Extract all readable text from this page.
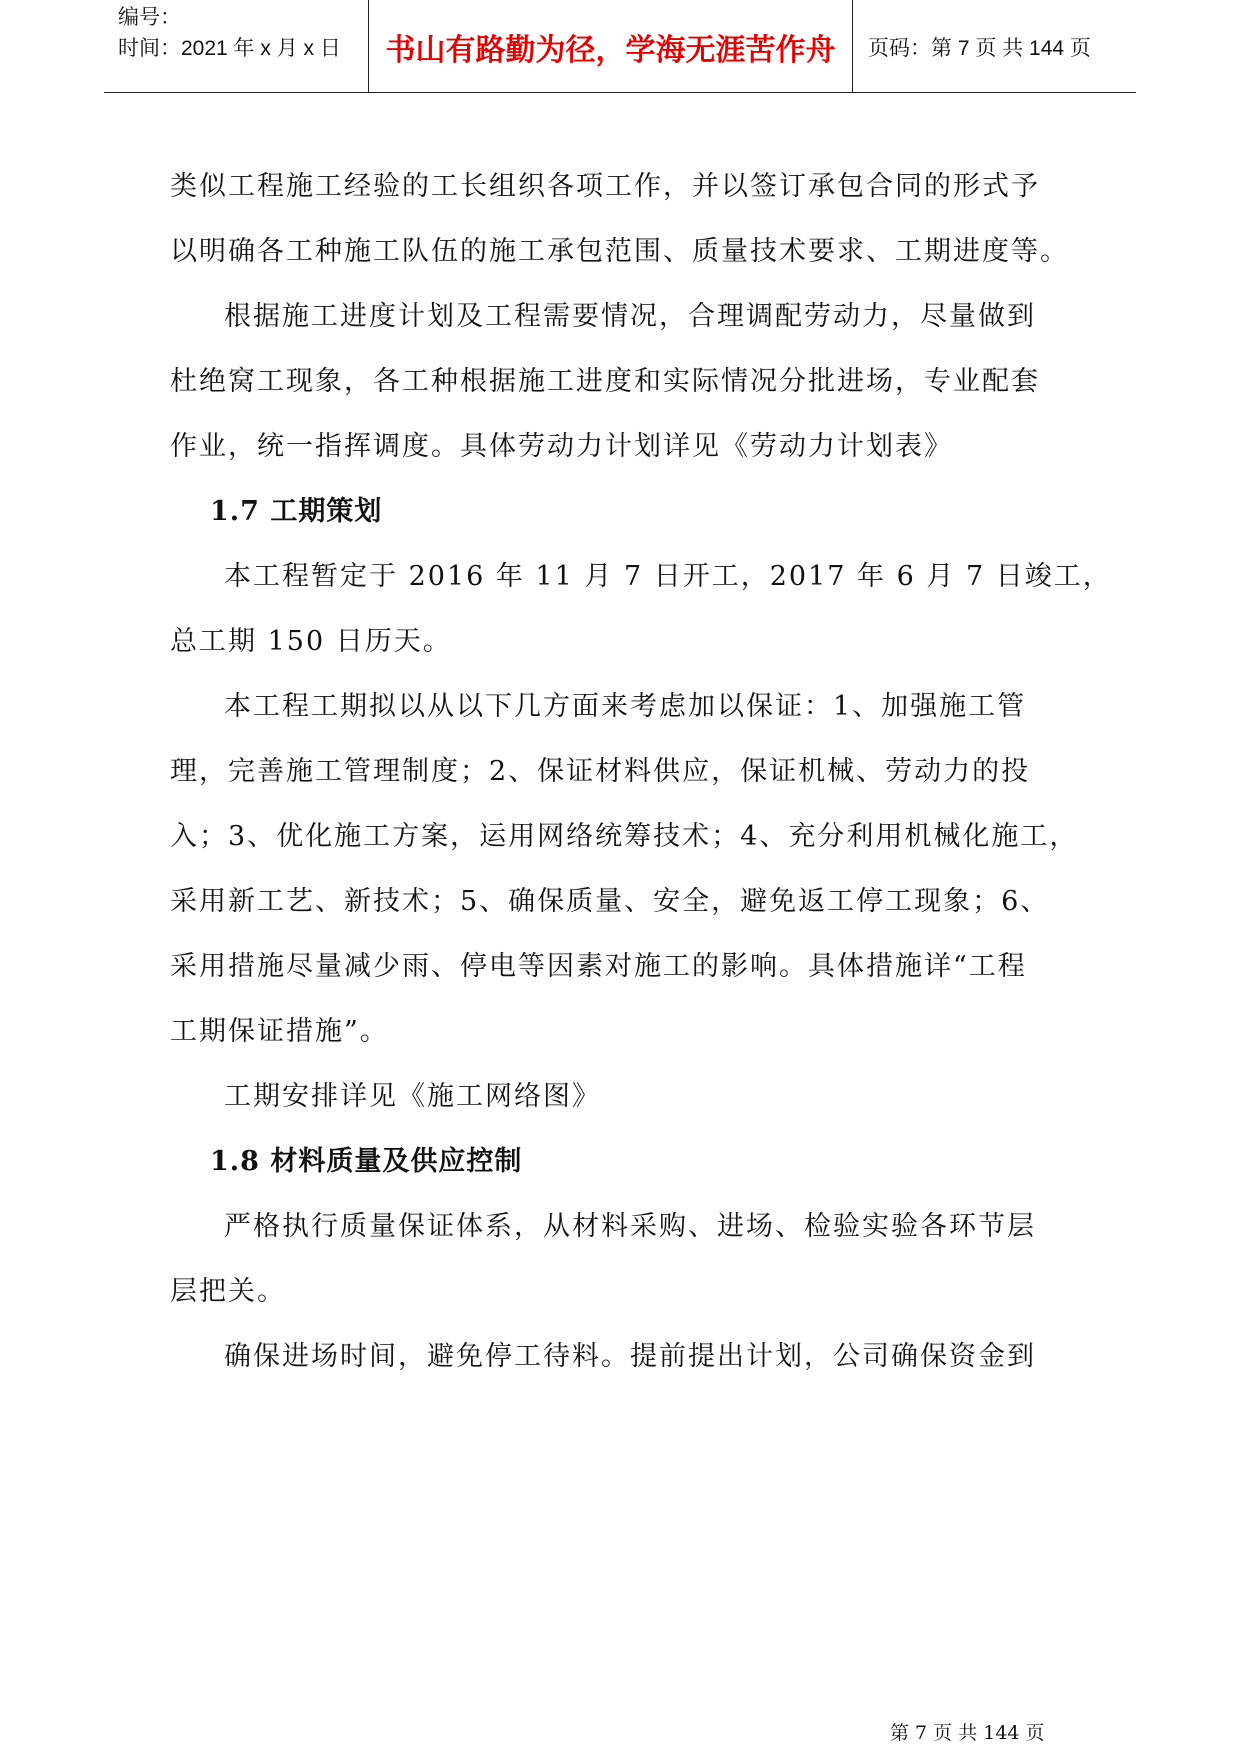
编号：
时间：2021 年 x 月 x 日	书山有路勤为径，学海无涯苦作舟	页码：第 7 页 共 144 页
类似工程施工经验的工长组织各项工作，并以签订承包合同的形式予
以明确各工种施工队伍的施工承包范围、质量技术要求、工期进度等。
根据施工进度计划及工程需要情况，合理调配劳动力，尽量做到
杜绝窝工现象，各工种根据施工进度和实际情况分批进场，专业配套
作业，统一指挥调度。具体劳动力计划详见《劳动力计划表》
1.7 工期策划
本工程暂定于 2016 年 11 月 7 日开工，2017 年 6 月 7 日竣工，
总工期 150 日历天。
本工程工期拟以从以下几方面来考虑加以保证：1、加强施工管
理，完善施工管理制度；2、保证材料供应，保证机械、劳动力的投
入；3、优化施工方案，运用网络统筹技术；4、充分利用机械化施工，
采用新工艺、新技术；5、确保质量、安全，避免返工停工现象；6、
采用措施尽量减少雨、停电等因素对施工的影响。具体措施详“工程
工期保证措施”。
工期安排详见《施工网络图》
1.8 材料质量及供应控制
严格执行质量保证体系，从材料采购、进场、检验实验各环节层
层把关。
确保进场时间，避免停工待料。提前提出计划，公司确保资金到
第 7 页 共 144 页
